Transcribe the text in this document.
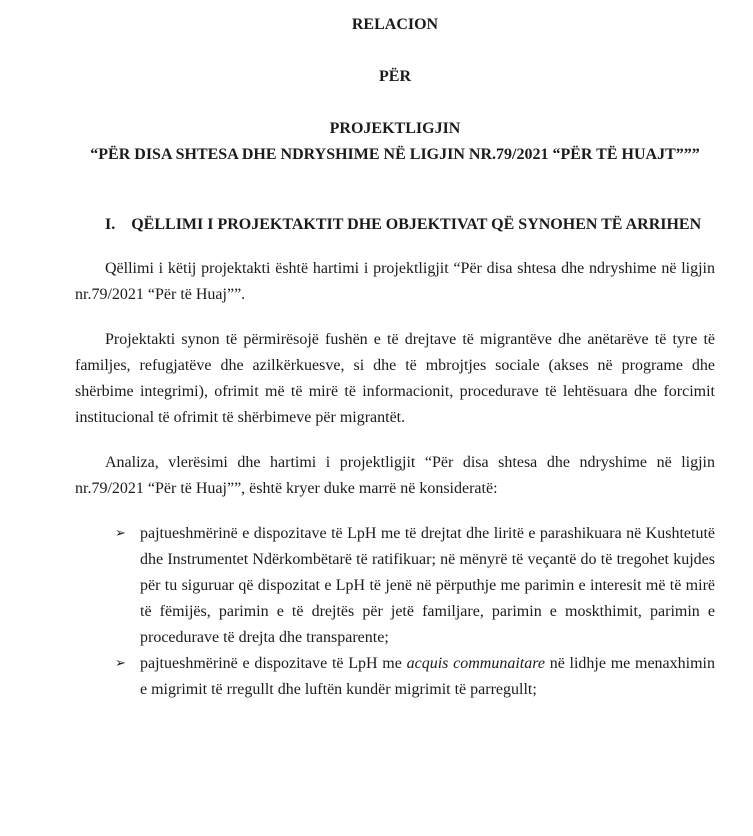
RELACION

PËR

PROJEKTLIGJIN

“PËR DISA SHTESA DHE NDRYSHIME NË LIGJIN NR.79/2021 “PËR TË HUAJT”””

I. QËLLIMI I PROJEKTAKTIT DHE OBJEKTIVAT QË SYNOHEN TË ARRIHEN

Qëllimi i këtij projektakti është hartimi i projektligjit “Për disa shtesa dhe ndryshime në ligjin nr.79/2021 “Për të Huaj””.

Projektakti synon të përmirësojë fushën e të drejtave të migrantëve dhe anëtarëve të tyre të familjes, refugjatëve dhe azilkërkuesve, si dhe të mbrojtjes sociale (akses në programe dhe shërbime integrimi), ofrimit më të mirë të informacionit, procedurave të lehtësuara dhe forcimit institucional të ofrimit të shërbimeve për migrantët.

Analiza, vlerësimi dhe hartimi i projektligjit “Për disa shtesa dhe ndryshime në ligjin nr.79/2021 “Për të Huaj””, është kryer duke marrë në konsideratë:

➢ pajtueshmërinë e dispozitave të LpH me të drejtat dhe liritë e parashikuara në Kushtetutë dhe Instrumentet Ndërkombëtarë të ratifikuar; në mënyrë të veçantë do të tregohet kujdes për tu siguruar që dispozitat e LpH të jenë në përputhje me parimin e interesit më të mirë të fëmijës, parimin e të drejtës për jetë familjare, parimin e moskthimit, parimin e procedurave të drejta dhe transparente;
➢ pajtueshmërinë e dispozitave të LpH me acquis communaitare në lidhje me menaxhimin e migrimit të rregullt dhe luftën kundër migrimit të parregullt;
